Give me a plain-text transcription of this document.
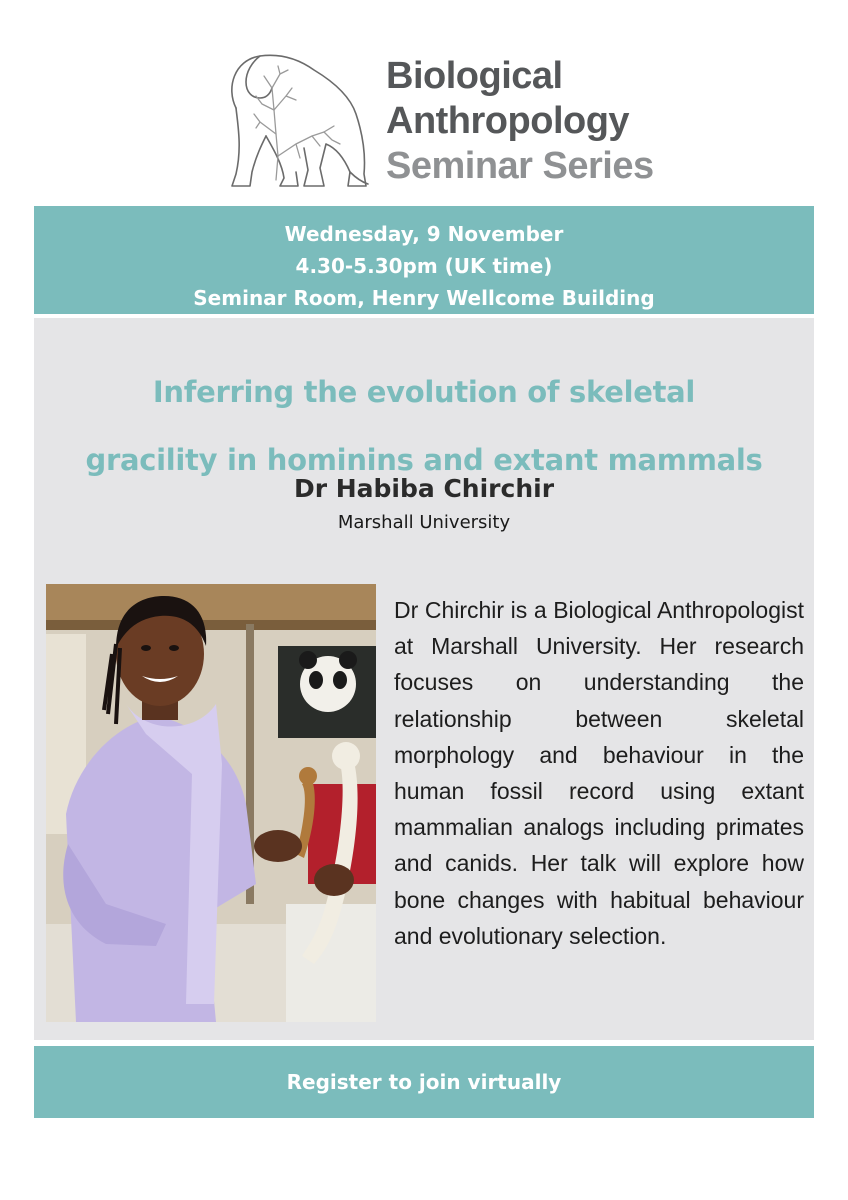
Biological
Anthropology
Seminar Series
Wednesday, 9 November
4.30-5.30pm (UK time)
Seminar Room, Henry Wellcome Building
Inferring the evolution of skeletal
gracility in hominins and extant mammals
Dr Habiba Chirchir
Marshall University

Dr Chirchir is a Biological Anthropologist at Marshall University. Her research focuses on understanding the relationship between skeletal morphology and behaviour in the human fossil record using extant mammalian analogs including primates and canids. Her talk will explore how bone changes with habitual behaviour and evolutionary selection.

Register to join virtually
